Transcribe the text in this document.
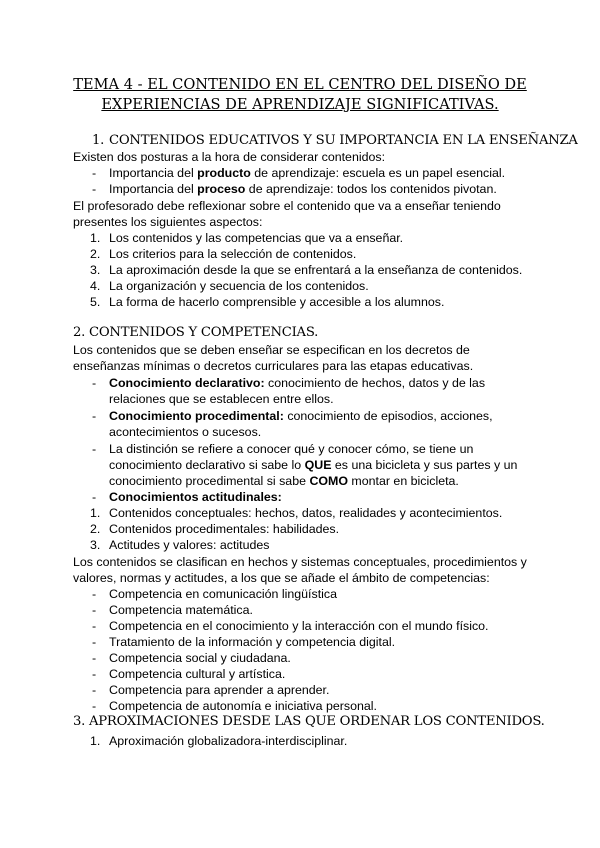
TEMA 4 - EL CONTENIDO EN EL CENTRO DEL DISEÑO DE
EXPERIENCIAS DE APRENDIZAJE SIGNIFICATIVAS.
1. CONTENIDOS EDUCATIVOS Y SU IMPORTANCIA EN LA ENSEÑANZA
Existen dos posturas a la hora de considerar contenidos:
- Importancia del producto de aprendizaje: escuela es un papel esencial.
- Importancia del proceso de aprendizaje: todos los contenidos pivotan.
El profesorado debe reflexionar sobre el contenido que va a enseñar teniendo
presentes los siguientes aspectos:
1. Los contenidos y las competencias que va a enseñar.
2. Los criterios para la selección de contenidos.
3. La aproximación desde la que se enfrentará a la enseñanza de contenidos.
4. La organización y secuencia de los contenidos.
5. La forma de hacerlo comprensible y accesible a los alumnos.
2. CONTENIDOS Y COMPETENCIAS.
Los contenidos que se deben enseñar se especifican en los decretos de
enseñanzas mínimas o decretos curriculares para las etapas educativas.
- Conocimiento declarativo: conocimiento de hechos, datos y de las
relaciones que se establecen entre ellos.
- Conocimiento procedimental: conocimiento de episodios, acciones,
acontecimientos o sucesos.
- La distinción se refiere a conocer qué y conocer cómo, se tiene un
conocimiento declarativo si sabe lo QUE es una bicicleta y sus partes y un
conocimiento procedimental si sabe COMO montar en bicicleta.
- Conocimientos actitudinales:
1. Contenidos conceptuales: hechos, datos, realidades y acontecimientos.
2. Contenidos procedimentales: habilidades.
3. Actitudes y valores: actitudes
Los contenidos se clasifican en hechos y sistemas conceptuales, procedimientos y
valores, normas y actitudes, a los que se añade el ámbito de competencias:
- Competencia en comunicación lingüística
- Competencia matemática.
- Competencia en el conocimiento y la interacción con el mundo físico.
- Tratamiento de la información y competencia digital.
- Competencia social y ciudadana.
- Competencia cultural y artística.
- Competencia para aprender a aprender.
- Competencia de autonomía e iniciativa personal.
3. APROXIMACIONES DESDE LAS QUE ORDENAR LOS CONTENIDOS.
1. Aproximación globalizadora-interdisciplinar.
